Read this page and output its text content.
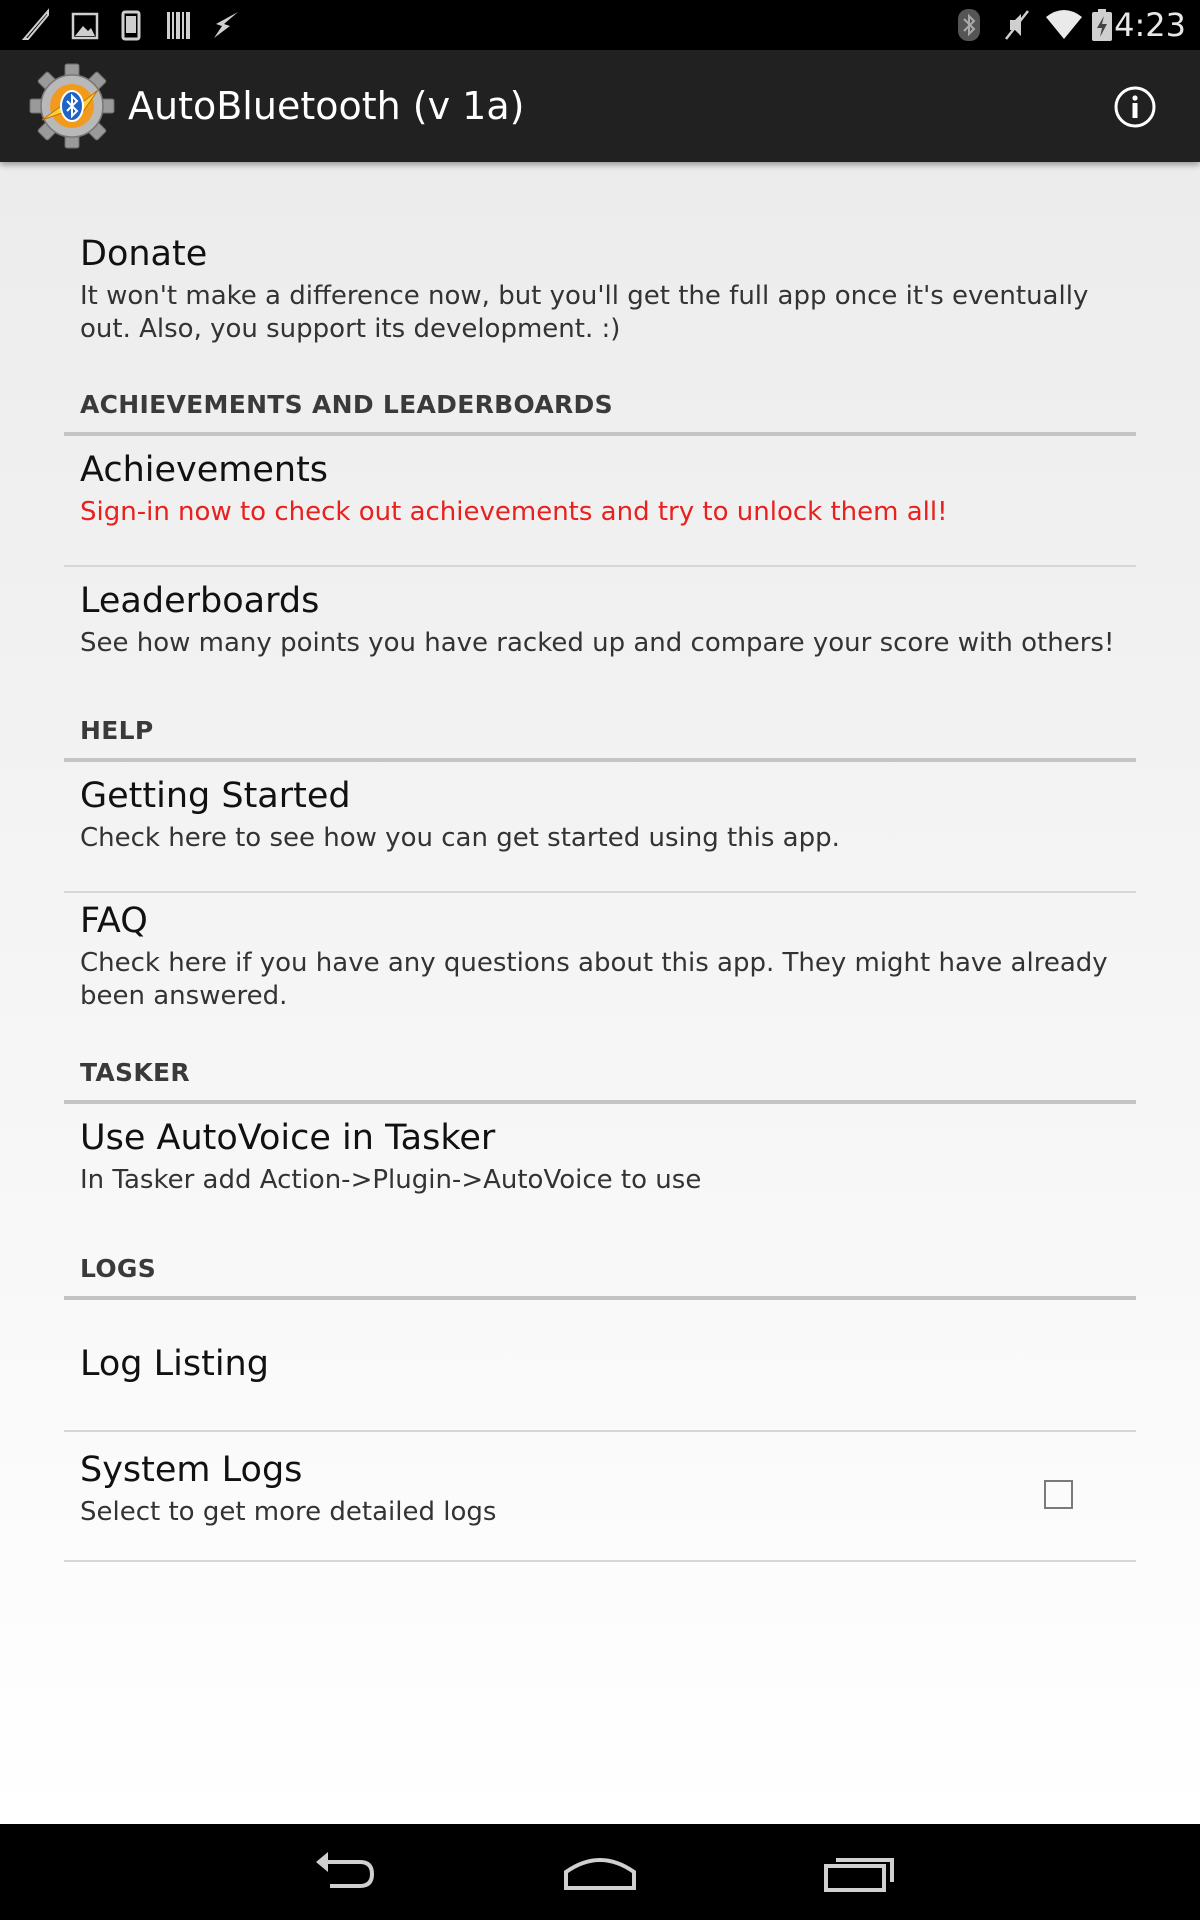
4:23
AutoBluetooth (v 1a)
Donate
It won't make a difference now, but you'll get the full app once it's eventually out. Also, you support its development. :)
ACHIEVEMENTS AND LEADERBOARDS
Achievements
Sign-in now to check out achievements and try to unlock them all!
Leaderboards
See how many points you have racked up and compare your score with others!
HELP
Getting Started
Check here to see how you can get started using this app.
FAQ
Check here if you have any questions about this app. They might have already been answered.
TASKER
Use AutoVoice in Tasker
In Tasker add Action->Plugin->AutoVoice to use
LOGS
Log Listing
System Logs
Select to get more detailed logs
